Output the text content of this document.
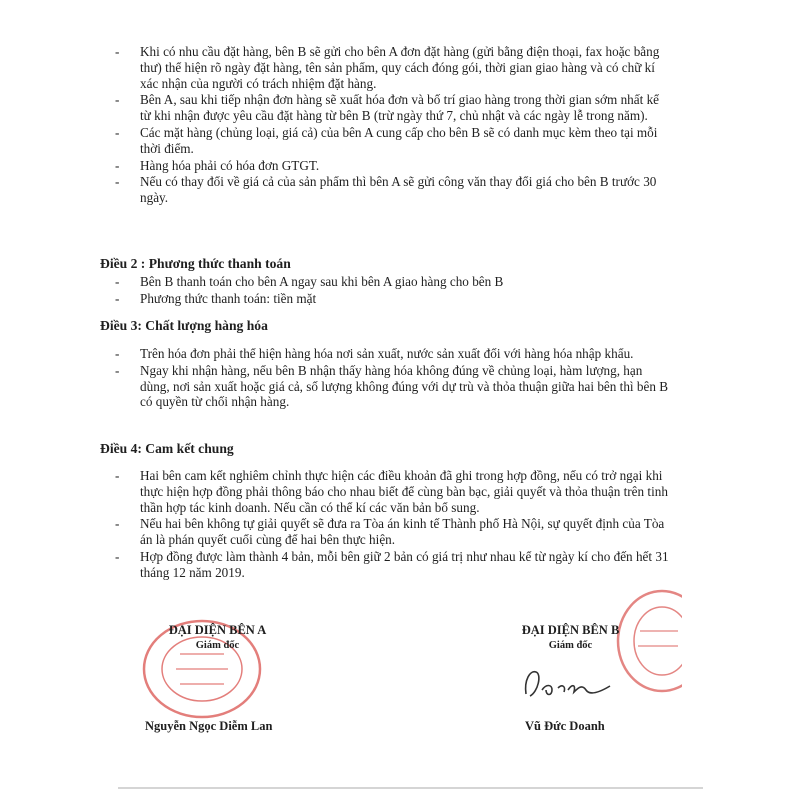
- Khi có nhu cầu đặt hàng, bên B sẽ gửi cho bên A đơn đặt hàng (gửi bằng điện thoại, fax hoặc bằng thư) thể hiện rõ ngày đặt hàng, tên sản phẩm, quy cách đóng gói, thời gian giao hàng và có chữ kí xác nhận của người có trách nhiệm đặt hàng.
- Bên A, sau khi tiếp nhận đơn hàng sẽ xuất hóa đơn và bố trí giao hàng trong thời gian sớm nhất kể từ khi nhận được yêu cầu đặt hàng từ bên B (trừ ngày thứ 7, chủ nhật và các ngày lễ trong năm).
- Các mặt hàng (chủng loại, giá cả) của bên A cung cấp cho bên B sẽ có danh mục kèm theo tại mỗi thời điểm.
- Hàng hóa phải có hóa đơn GTGT.
- Nếu có thay đổi về giá cả của sản phẩm thì bên A sẽ gửi công văn thay đổi giá cho bên B trước 30 ngày.
Điều 2 : Phương thức thanh toán
- Bên B thanh toán cho bên A ngay sau khi bên A giao hàng cho bên B
- Phương thức thanh toán: tiền mặt
Điều 3: Chất lượng hàng hóa
- Trên hóa đơn phải thể hiện hàng hóa nơi sản xuất, nước sản xuất đối với hàng hóa nhập khẩu.
- Ngay khi nhận hàng, nếu bên B nhận thấy hàng hóa không đúng về chủng loại, hàm lượng, hạn dùng, nơi sản xuất hoặc giá cả, số lượng không đúng với dự trù và thỏa thuận giữa hai bên thì bên B có quyền từ chối nhận hàng.
Điều 4: Cam kết chung
- Hai bên cam kết nghiêm chỉnh thực hiện các điều khoản đã ghi trong hợp đồng, nếu có trở ngại khi thực hiện hợp đồng phải thông báo cho nhau biết để cùng bàn bạc, giải quyết và thỏa thuận trên tinh thần hợp tác kinh doanh. Nếu cần có thể kí các văn bản bổ sung.
- Nếu hai bên không tự giải quyết sẽ đưa ra Tòa án kinh tế Thành phố Hà Nội, sự quyết định của Tòa án là phán quyết cuối cùng để hai bên thực hiện.
- Hợp đồng được làm thành 4 bản, mỗi bên giữ 2 bản có giá trị như nhau kể từ ngày kí cho đến hết 31 tháng 12 năm 2019.
ĐẠI DIỆN BÊN A
Giám đốc
Nguyễn Ngọc Diễm Lan
ĐẠI DIỆN BÊN B
Giám đốc
Vũ Đức Doanh
